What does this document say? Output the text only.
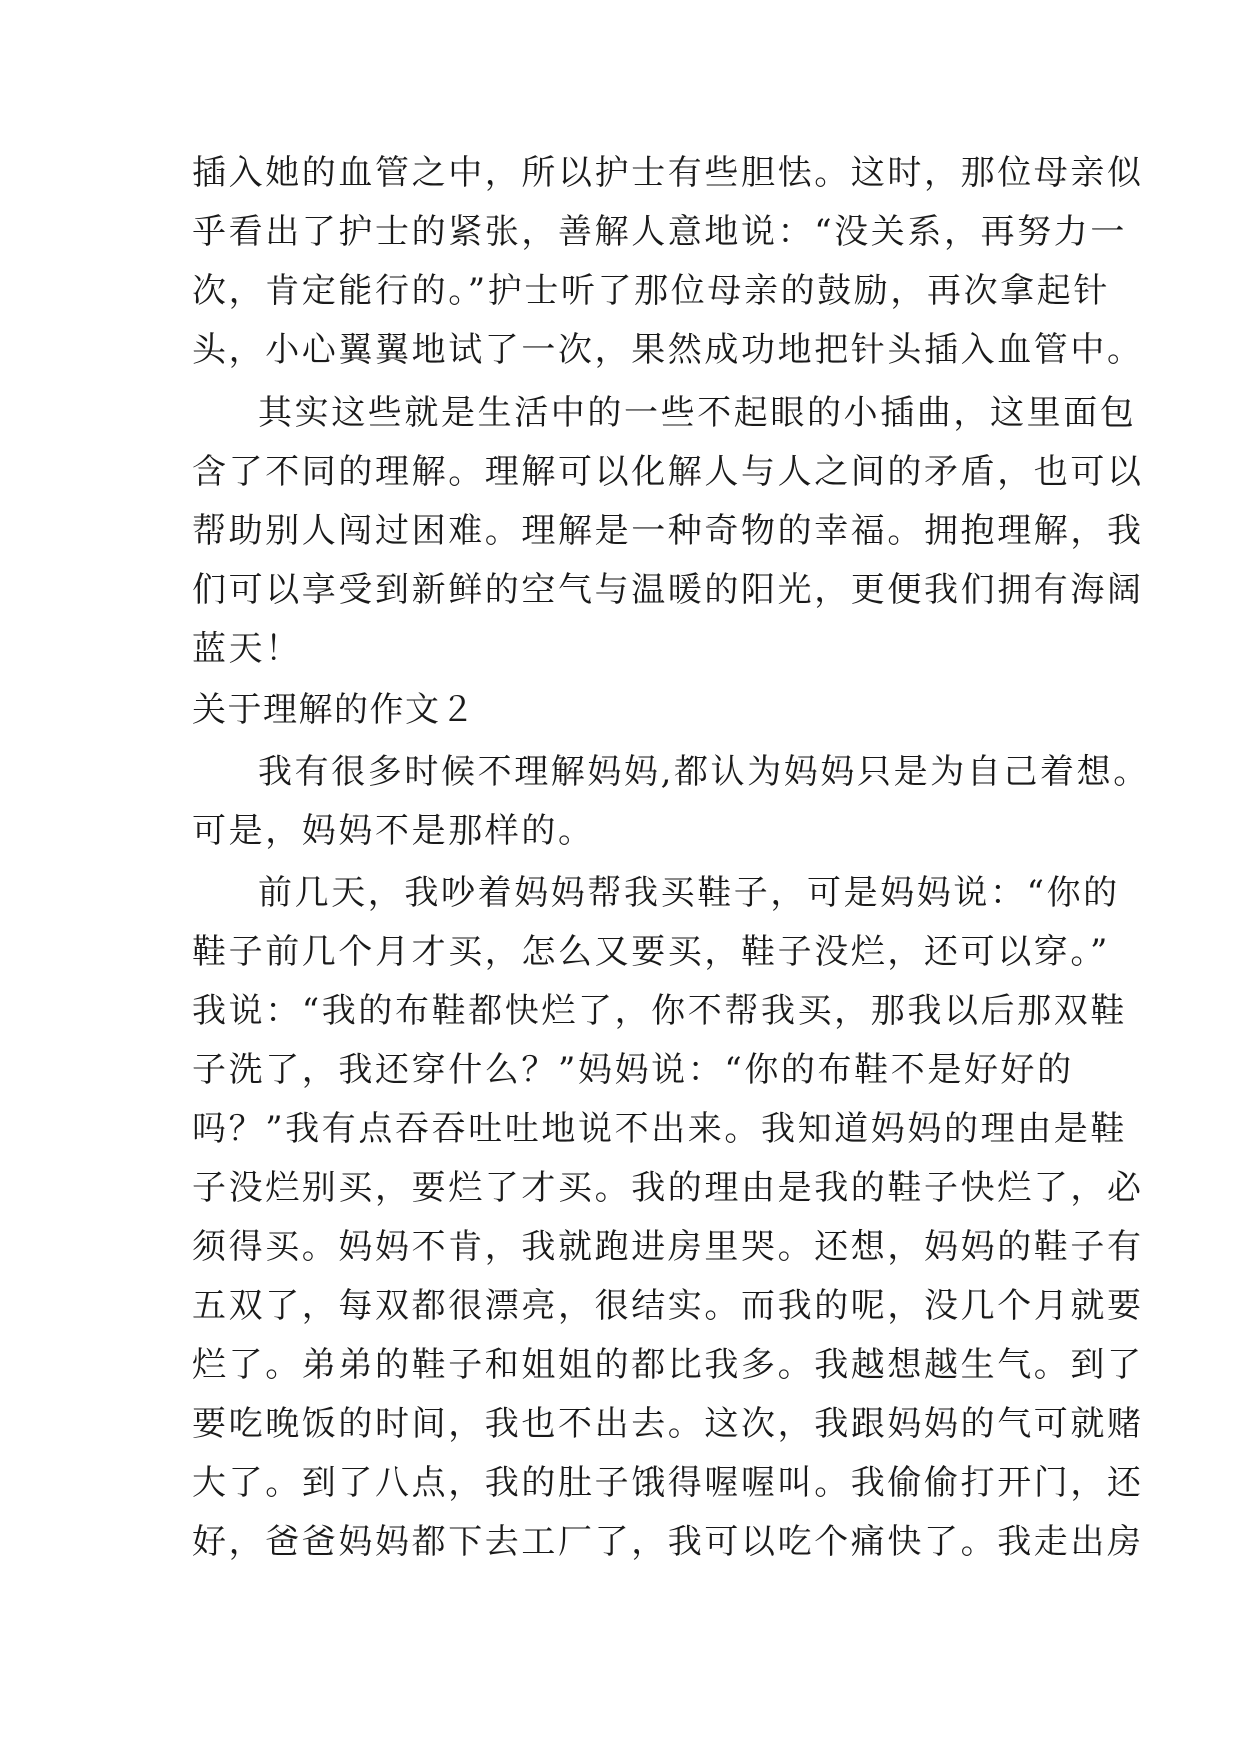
插入她的血管之中，所以护士有些胆怯。这时，那位母亲似
乎看出了护士的紧张，善解人意地说：“没关系，再努力一
次，肯定能行的。”护士听了那位母亲的鼓励，再次拿起针
头，小心翼翼地试了一次，果然成功地把针头插入血管中。
其实这些就是生活中的一些不起眼的小插曲，这里面包
含了不同的理解。理解可以化解人与人之间的矛盾，也可以
帮助别人闯过困难。理解是一种奇物的幸福。拥抱理解，我
们可以享受到新鲜的空气与温暖的阳光，更便我们拥有海阔
蓝天！
关于理解的作文２
我有很多时候不理解妈妈,都认为妈妈只是为自己着想。
可是，妈妈不是那样的。
前几天，我吵着妈妈帮我买鞋子，可是妈妈说：“你的
鞋子前几个月才买，怎么又要买，鞋子没烂，还可以穿。”
我说：“我的布鞋都快烂了，你不帮我买，那我以后那双鞋
子洗了，我还穿什么？”妈妈说：“你的布鞋不是好好的
吗？”我有点吞吞吐吐地说不出来。我知道妈妈的理由是鞋
子没烂别买，要烂了才买。我的理由是我的鞋子快烂了，必
须得买。妈妈不肯，我就跑进房里哭。还想，妈妈的鞋子有
五双了，每双都很漂亮，很结实。而我的呢，没几个月就要
烂了。弟弟的鞋子和姐姐的都比我多。我越想越生气。到了
要吃晚饭的时间，我也不出去。这次，我跟妈妈的气可就赌
大了。到了八点，我的肚子饿得喔喔叫。我偷偷打开门，还
好，爸爸妈妈都下去工厂了，我可以吃个痛快了。我走出房
